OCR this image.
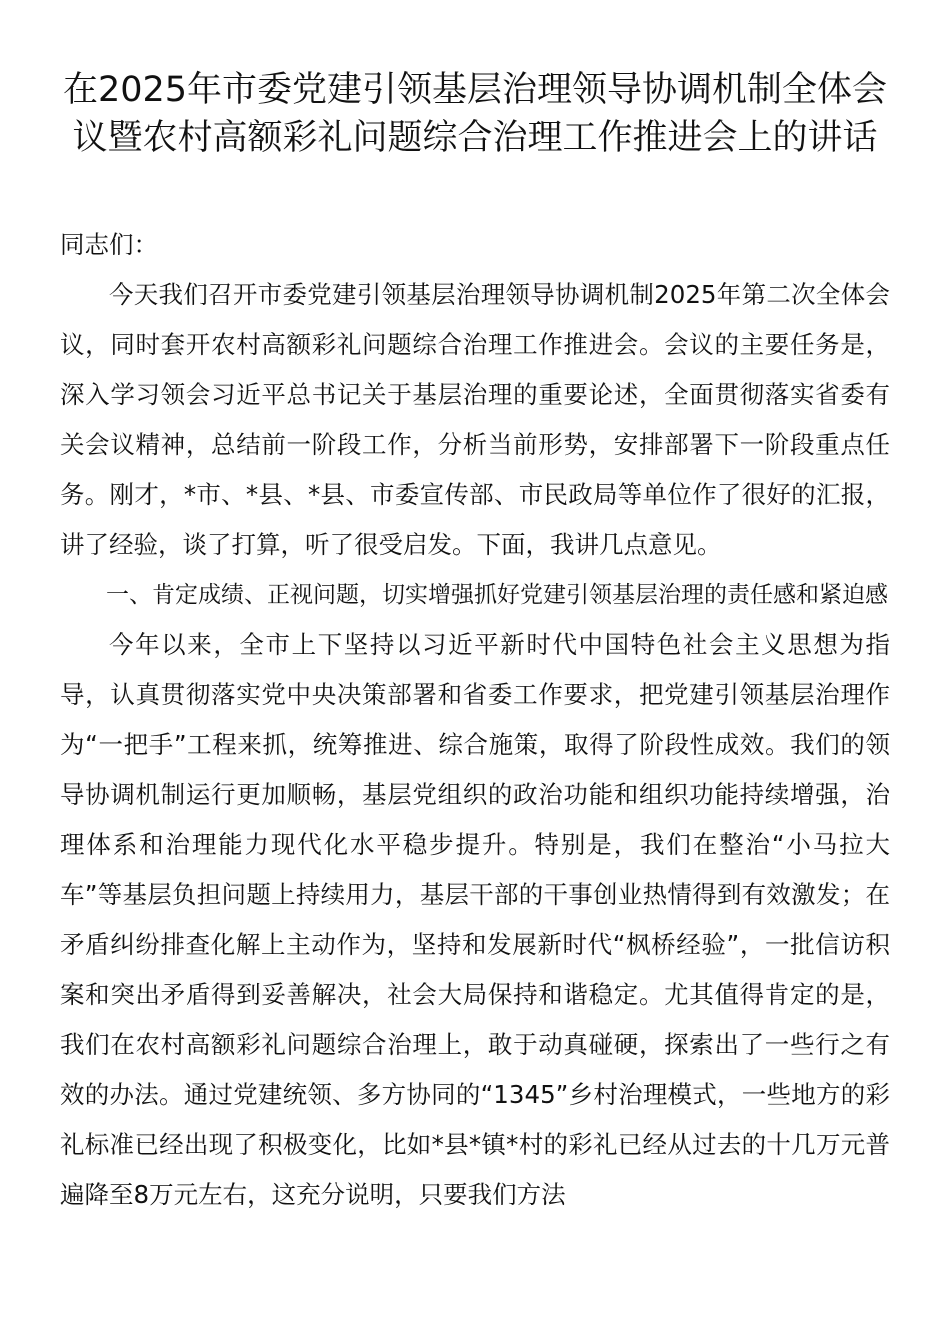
在2025年市委党建引领基层治理领导协调机制全体会议暨农村高额彩礼问题综合治理工作推进会上的讲话

同志们：

今天我们召开市委党建引领基层治理领导协调机制2025年第二次全体会议，同时套开农村高额彩礼问题综合治理工作推进会。会议的主要任务是，深入学习领会习近平总书记关于基层治理的重要论述，全面贯彻落实省委有关会议精神，总结前一阶段工作，分析当前形势，安排部署下一阶段重点任务。刚才，*市、*县、*县、市委宣传部、市民政局等单位作了很好的汇报，讲了经验，谈了打算，听了很受启发。下面，我讲几点意见。

一、肯定成绩、正视问题，切实增强抓好党建引领基层治理的责任感和紧迫感

今年以来，全市上下坚持以习近平新时代中国特色社会主义思想为指导，认真贯彻落实党中央决策部署和省委工作要求，把党建引领基层治理作为“一把手”工程来抓，统筹推进、综合施策，取得了阶段性成效。我们的领导协调机制运行更加顺畅，基层党组织的政治功能和组织功能持续增强，治理体系和治理能力现代化水平稳步提升。特别是，我们在整治“小马拉大车”等基层负担问题上持续用力，基层干部的干事创业热情得到有效激发；在矛盾纠纷排查化解上主动作为，坚持和发展新时代“枫桥经验”，一批信访积案和突出矛盾得到妥善解决，社会大局保持和谐稳定。尤其值得肯定的是，我们在农村高额彩礼问题综合治理上，敢于动真碰硬，探索出了一些行之有效的办法。通过党建统领、多方协同的“1345”乡村治理模式，一些地方的彩礼标准已经出现了积极变化，比如*县*镇*村的彩礼已经从过去的十几万元普遍降至8万元左右，这充分说明，只要我们方法
